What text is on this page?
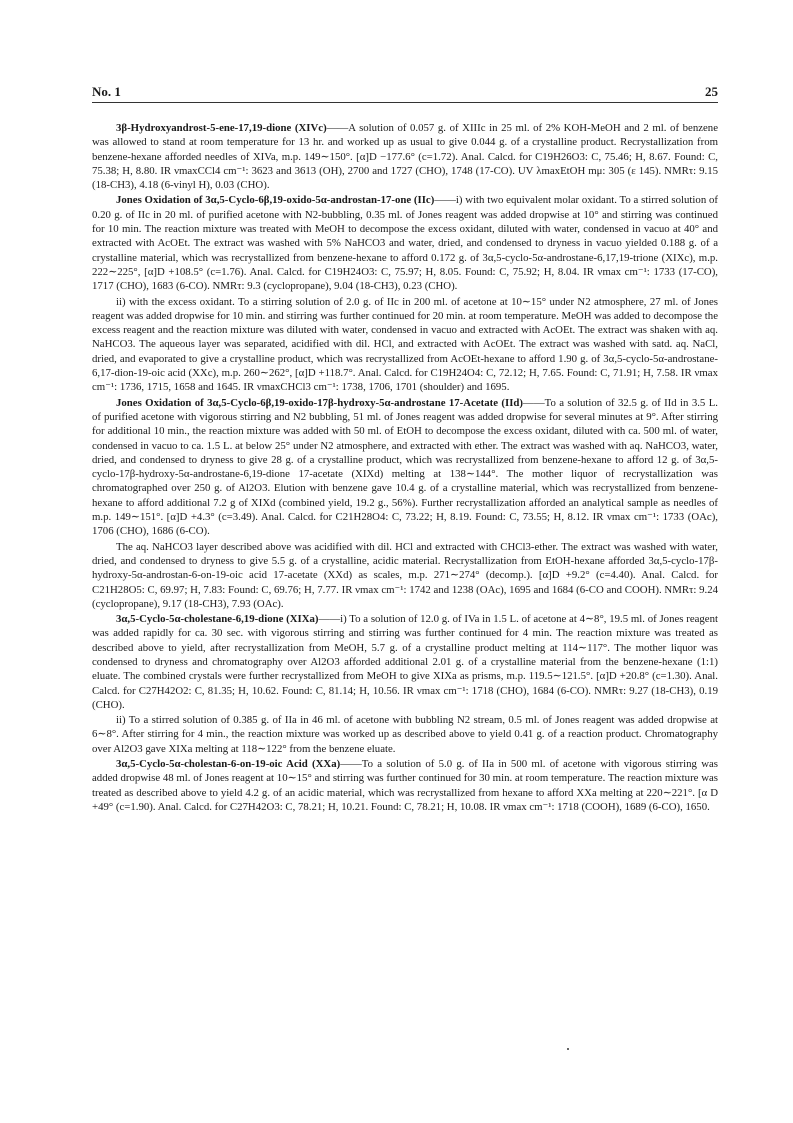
No. 1	25

3β-Hydroxyandrost-5-ene-17,19-dione (XIVc)——A solution of 0.057 g. of XIIIc in 25 ml. of 2% KOH-MeOH and 2 ml. of benzene was allowed to stand at room temperature for 13 hr. and worked up as usual to give 0.044 g. of a crystalline product. Recrystallization from benzene-hexane afforded needles of XIVa, m.p. 149∼150°. [α]D −177.6° (c=1.72). Anal. Calcd. for C19H26O3: C, 75.46; H, 8.67. Found: C, 75.38; H, 8.80. IR νmaxCCl4 cm⁻¹: 3623 and 3613 (OH), 2700 and 1727 (CHO), 1748 (17-CO). UV λmaxEtOH mμ: 305 (ε 145). NMRτ: 9.15 (18-CH3), 4.18 (6-vinyl H), 0.03 (CHO).

Jones Oxidation of 3α,5-Cyclo-6β,19-oxido-5α-androstan-17-one (IIc)——i) with two equivalent molar oxidant. To a stirred solution of 0.20 g. of IIc in 20 ml. of purified acetone with N2-bubbling, 0.35 ml. of Jones reagent was added dropwise at 10° and stirring was continued for 10 min. The reaction mixture was treated with MeOH to decompose the excess oxidant, diluted with water, condensed in vacuo at 40° and extracted with AcOEt. The extract was washed with 5% NaHCO3 and water, dried, and condensed to dryness in vacuo yielded 0.188 g. of a crystalline material, which was recrystallized from benzene-hexane to afford 0.172 g. of 3α,5-cyclo-5α-androstane-6,17,19-trione (XIXc), m.p. 222∼225°, [α]D +108.5° (c=1.76). Anal. Calcd. for C19H24O3: C, 75.97; H, 8.05. Found: C, 75.92; H, 8.04. IR νmax cm⁻¹: 1733 (17-CO), 1717 (CHO), 1683 (6-CO). NMRτ: 9.3 (cyclopropane), 9.04 (18-CH3), 0.23 (CHO).

ii) with the excess oxidant. To a stirring solution of 2.0 g. of IIc in 200 ml. of acetone at 10∼15° under N2 atmosphere, 27 ml. of Jones reagent was added dropwise for 10 min. and stirring was further continued for 20 min. at room temperature. MeOH was added to decompose the excess reagent and the reaction mixture was diluted with water, condensed in vacuo and extracted with AcOEt. The extract was shaken with aq. NaHCO3. The aqueous layer was separated, acidified with dil. HCl, and extracted with AcOEt. The extract was washed with satd. aq. NaCl, dried, and evaporated to give a crystalline product, which was recrystallized from AcOEt-hexane to afford 1.90 g. of 3α,5-cyclo-5α-androstane-6,17-dion-19-oic acid (XXc), m.p. 260∼262°, [α]D +118.7°. Anal. Calcd. for C19H24O4: C, 72.12; H, 7.65. Found: C, 71.91; H, 7.58. IR νmax cm⁻¹: 1736, 1715, 1658 and 1645. IR νmaxCHCl3 cm⁻¹: 1738, 1706, 1701 (shoulder) and 1695.

Jones Oxidation of 3α,5-Cyclo-6β,19-oxido-17β-hydroxy-5α-androstane 17-Acetate (IId)——To a solution of 32.5 g. of IId in 3.5 L. of purified acetone with vigorous stirring and N2 bubbling, 51 ml. of Jones reagent was added dropwise for several minutes at 9°. After stirring for additional 10 min., the reaction mixture was added with 50 ml. of EtOH to decompose the excess oxidant, diluted with ca. 500 ml. of water, condensed in vacuo to ca. 1.5 L. at below 25° under N2 atmosphere, and extracted with ether. The extract was washed with aq. NaHCO3, water, dried, and condensed to dryness to give 28 g. of a crystalline product, which was recrystallized from benzene-hexane to afford 12 g. of 3α,5-cyclo-17β-hydroxy-5α-androstane-6,19-dione 17-acetate (XIXd) melting at 138∼144°. The mother liquor of recrystallization was chromatographed over 250 g. of Al2O3. Elution with benzene gave 10.4 g. of a crystalline material, which was recrystallized from benzene-hexane to afford additional 7.2 g of XIXd (combined yield, 19.2 g., 56%). Further recrystallization afforded an analytical sample as needles of m.p. 149∼151°. [α]D +4.3° (c=3.49). Anal. Calcd. for C21H28O4: C, 73.22; H, 8.19. Found: C, 73.55; H, 8.12. IR νmax cm⁻¹: 1733 (OAc), 1706 (CHO), 1686 (6-CO).

The aq. NaHCO3 layer described above was acidified with dil. HCl and extracted with CHCl3-ether. The extract was washed with water, dried, and condensed to dryness to give 5.5 g. of a crystalline, acidic material. Recrystallization from EtOH-hexane afforded 3α,5-cyclo-17β-hydroxy-5α-androstan-6-on-19-oic acid 17-acetate (XXd) as scales, m.p. 271∼274° (decomp.). [α]D +9.2° (c=4.40). Anal. Calcd. for C21H28O5: C, 69.97; H, 7.83: Found: C, 69.76; H, 7.77. IR νmax cm⁻¹: 1742 and 1238 (OAc), 1695 and 1684 (6-CO and COOH). NMRτ: 9.24 (cyclopropane), 9.17 (18-CH3), 7.93 (OAc).

3α,5-Cyclo-5α-cholestane-6,19-dione (XIXa)——i) To a solution of 12.0 g. of IVa in 1.5 L. of acetone at 4∼8°, 19.5 ml. of Jones reagent was added rapidly for ca. 30 sec. with vigorous stirring and stirring was further continued for 4 min. The reaction mixture was treated as described above to yield, after recrystallization from MeOH, 5.7 g. of a crystalline product melting at 114∼117°. The mother liquor was condensed to dryness and chromatography over Al2O3 afforded additional 2.01 g. of a crystalline material from the benzene-hexane (1:1) eluate. The combined crystals were further recrystallized from MeOH to give XIXa as prisms, m.p. 119.5∼121.5°. [α]D +20.8° (c=1.30). Anal. Calcd. for C27H42O2: C, 81.35; H, 10.62. Found: C, 81.14; H, 10.56. IR νmax cm⁻¹: 1718 (CHO), 1684 (6-CO). NMRτ: 9.27 (18-CH3), 0.19 (CHO).

ii) To a stirred solution of 0.385 g. of IIa in 46 ml. of acetone with bubbling N2 stream, 0.5 ml. of Jones reagent was added dropwise at 6∼8°. After stirring for 4 min., the reaction mixture was worked up as described above to yield 0.41 g. of a reaction product. Chromatography over Al2O3 gave XIXa melting at 118∼122° from the benzene eluate.

3α,5-Cyclo-5α-cholestan-6-on-19-oic Acid (XXa)——To a solution of 5.0 g. of IIa in 500 ml. of acetone with vigorous stirring was added dropwise 48 ml. of Jones reagent at 10∼15° and stirring was further continued for 30 min. at room temperature. The reaction mixture was treated as described above to yield 4.2 g. of an acidic material, which was recrystallized from hexane to afford XXa melting at 220∼221°. [α D +49° (c=1.90). Anal. Calcd. for C27H42O3: C, 78.21; H, 10.21. Found: C, 78.21; H, 10.08. IR νmax cm⁻¹: 1718 (COOH), 1689 (6-CO), 1650.
